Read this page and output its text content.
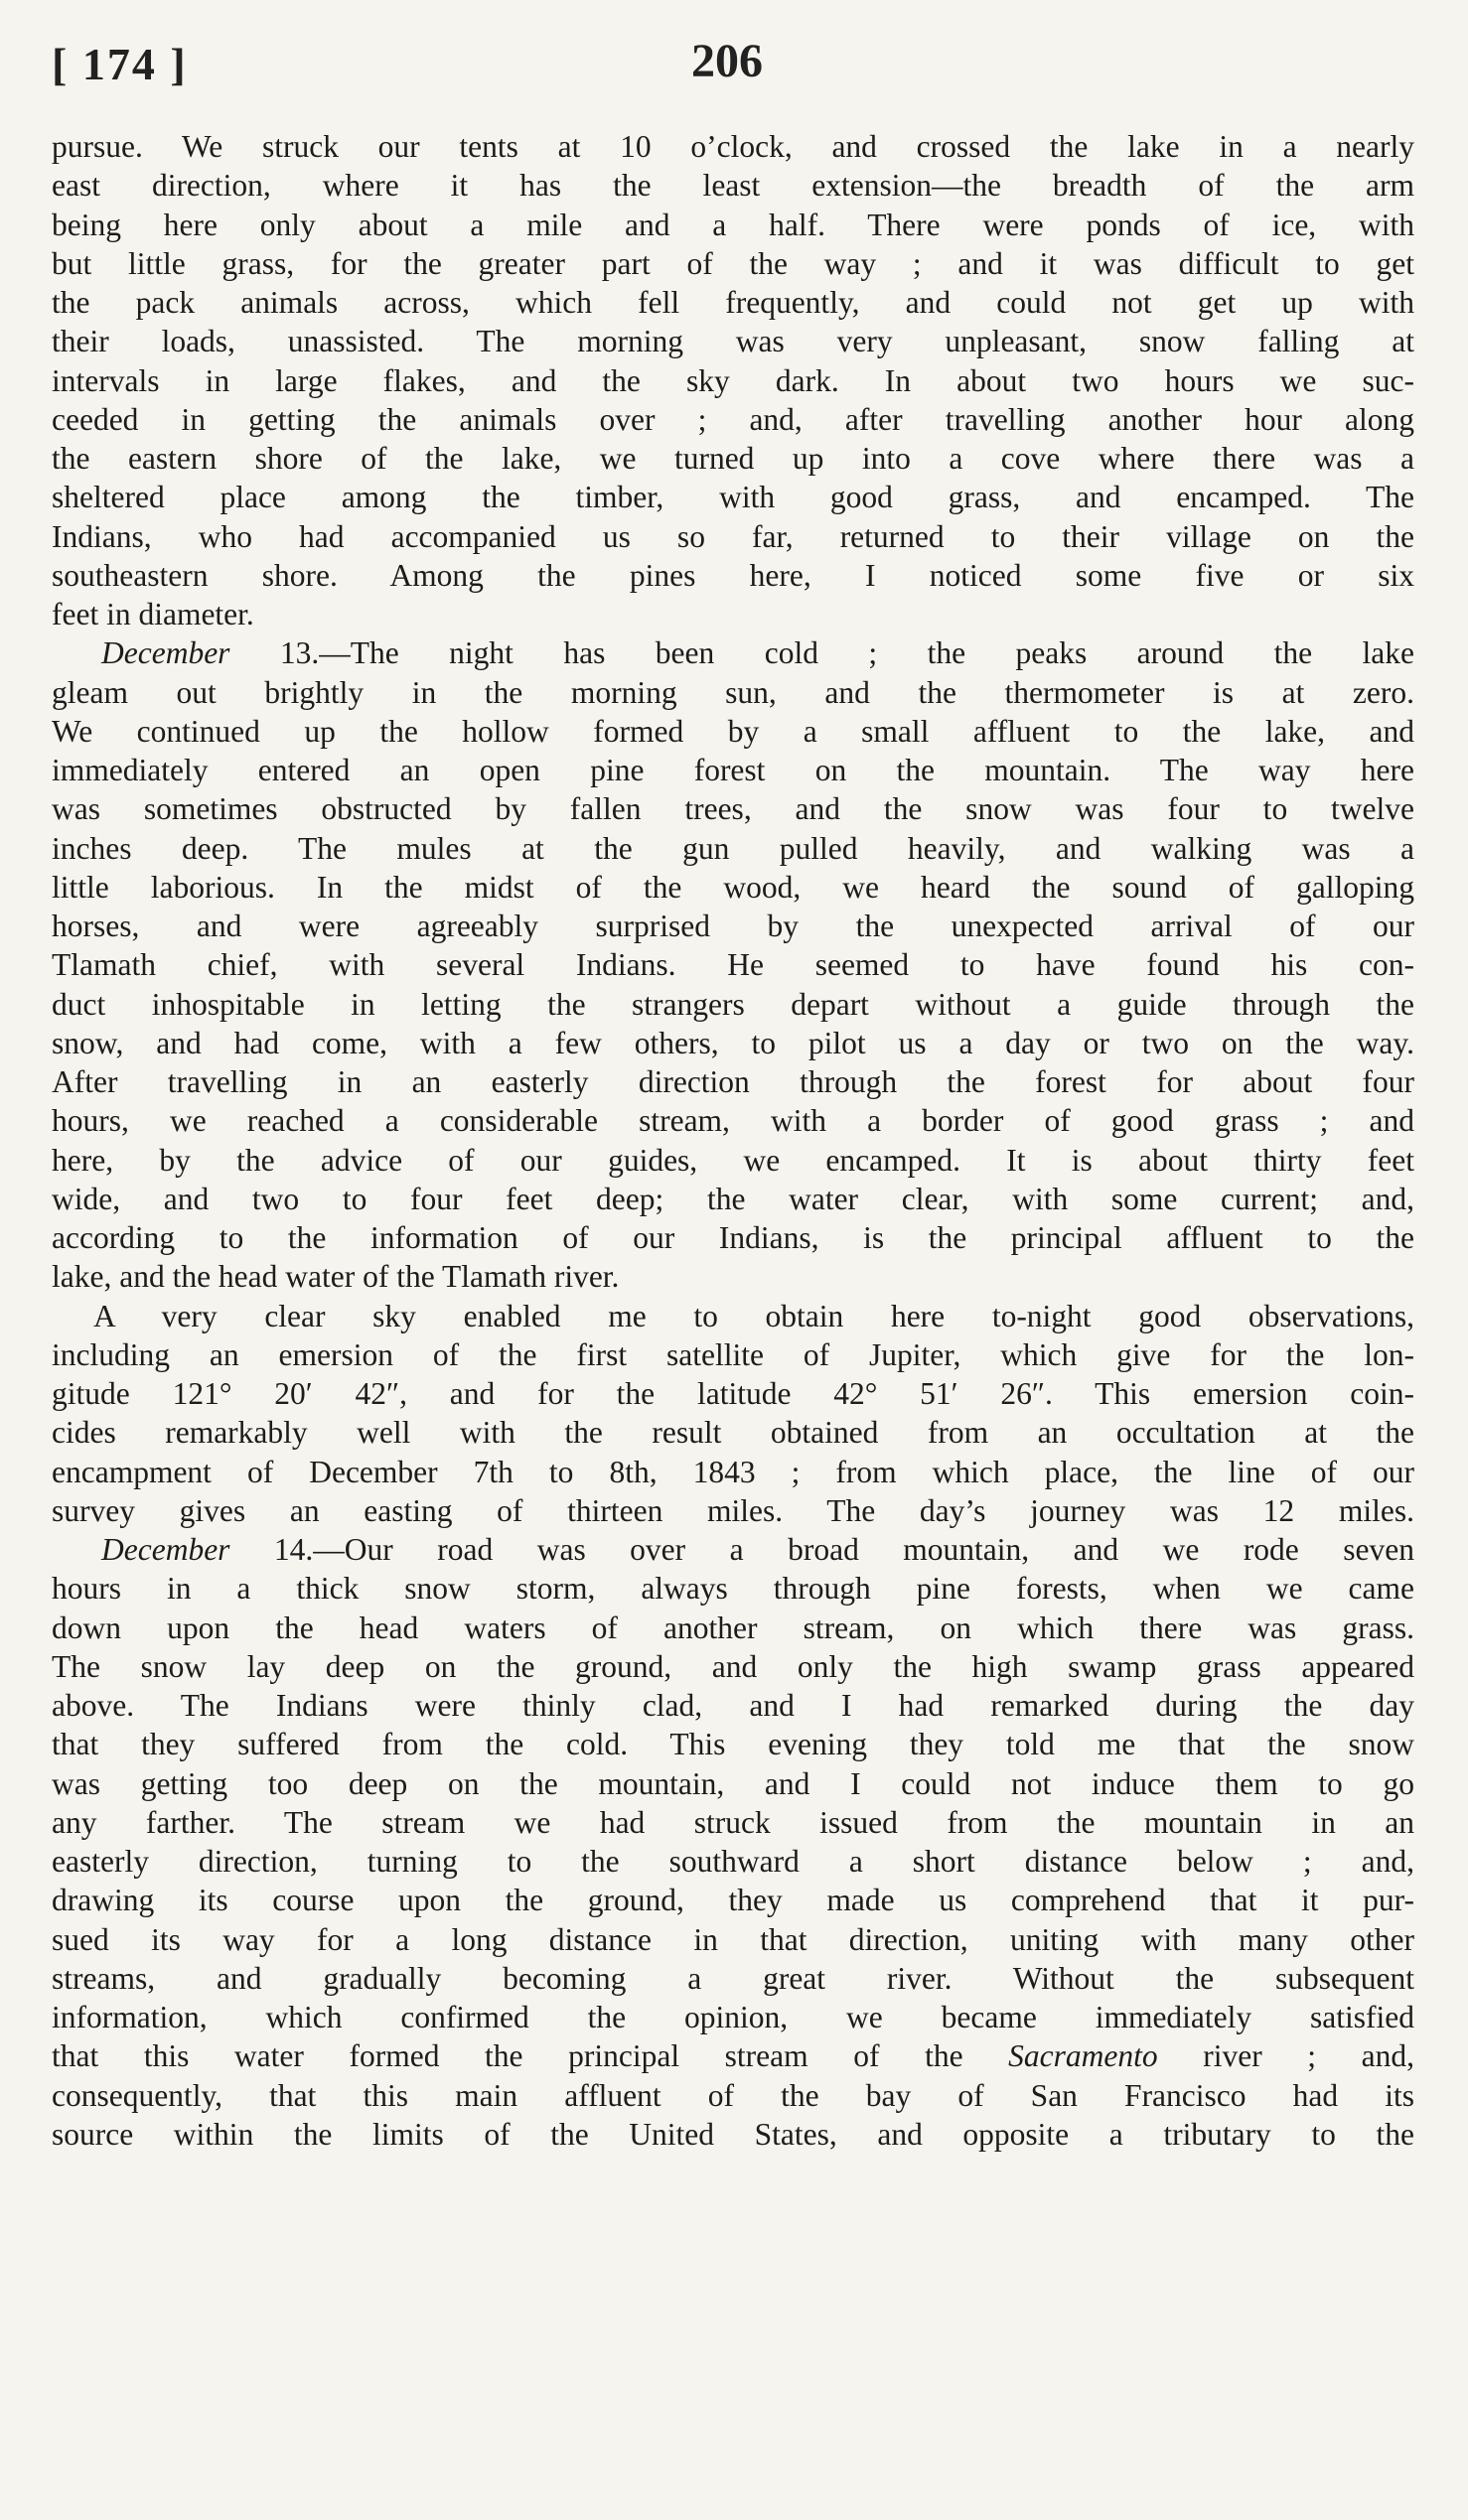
[ 174 ]	206
pursue. We struck our tents at 10 o’clock, and crossed the lake in a nearly
east direction, where it has the least extension—the breadth of the arm
being here only about a mile and a half. There were ponds of ice, with
but little grass, for the greater part of the way ; and it was difficult to get
the pack animals across, which fell frequently, and could not get up with
their loads, unassisted. The morning was very unpleasant, snow falling at
intervals in large flakes, and the sky dark. In about two hours we suc-
ceeded in getting the animals over ; and, after travelling another hour along
the eastern shore of the lake, we turned up into a cove where there was a
sheltered place among the timber, with good grass, and encamped. The
Indians, who had accompanied us so far, returned to their village on the
southeastern shore. Among the pines here, I noticed some five or six
feet in diameter.
December 13.—The night has been cold ; the peaks around the lake
gleam out brightly in the morning sun, and the thermometer is at zero.
We continued up the hollow formed by a small affluent to the lake, and
immediately entered an open pine forest on the mountain. The way here
was sometimes obstructed by fallen trees, and the snow was four to twelve
inches deep. The mules at the gun pulled heavily, and walking was a
little laborious. In the midst of the wood, we heard the sound of galloping
horses, and were agreeably surprised by the unexpected arrival of our
Tlamath chief, with several Indians. He seemed to have found his con-
duct inhospitable in letting the strangers depart without a guide through the
snow, and had come, with a few others, to pilot us a day or two on the way.
After travelling in an easterly direction through the forest for about four
hours, we reached a considerable stream, with a border of good grass ; and
here, by the advice of our guides, we encamped. It is about thirty feet
wide, and two to four feet deep; the water clear, with some current; and,
according to the information of our Indians, is the principal affluent to the
lake, and the head water of the Tlamath river.
A very clear sky enabled me to obtain here to-night good observations,
including an emersion of the first satellite of Jupiter, which give for the lon-
gitude 121° 20′ 42″, and for the latitude 42° 51′ 26″. This emersion coin-
cides remarkably well with the result obtained from an occultation at the
encampment of December 7th to 8th, 1843 ; from which place, the line of our
survey gives an easting of thirteen miles. The day’s journey was 12 miles.
December 14.—Our road was over a broad mountain, and we rode seven
hours in a thick snow storm, always through pine forests, when we came
down upon the head waters of another stream, on which there was grass.
The snow lay deep on the ground, and only the high swamp grass appeared
above. The Indians were thinly clad, and I had remarked during the day
that they suffered from the cold. This evening they told me that the snow
was getting too deep on the mountain, and I could not induce them to go
any farther. The stream we had struck issued from the mountain in an
easterly direction, turning to the southward a short distance below ; and,
drawing its course upon the ground, they made us comprehend that it pur-
sued its way for a long distance in that direction, uniting with many other
streams, and gradually becoming a great river. Without the subsequent
information, which confirmed the opinion, we became immediately satisfied
that this water formed the principal stream of the Sacramento river ; and,
consequently, that this main affluent of the bay of San Francisco had its
source within the limits of the United States, and opposite a tributary to the
